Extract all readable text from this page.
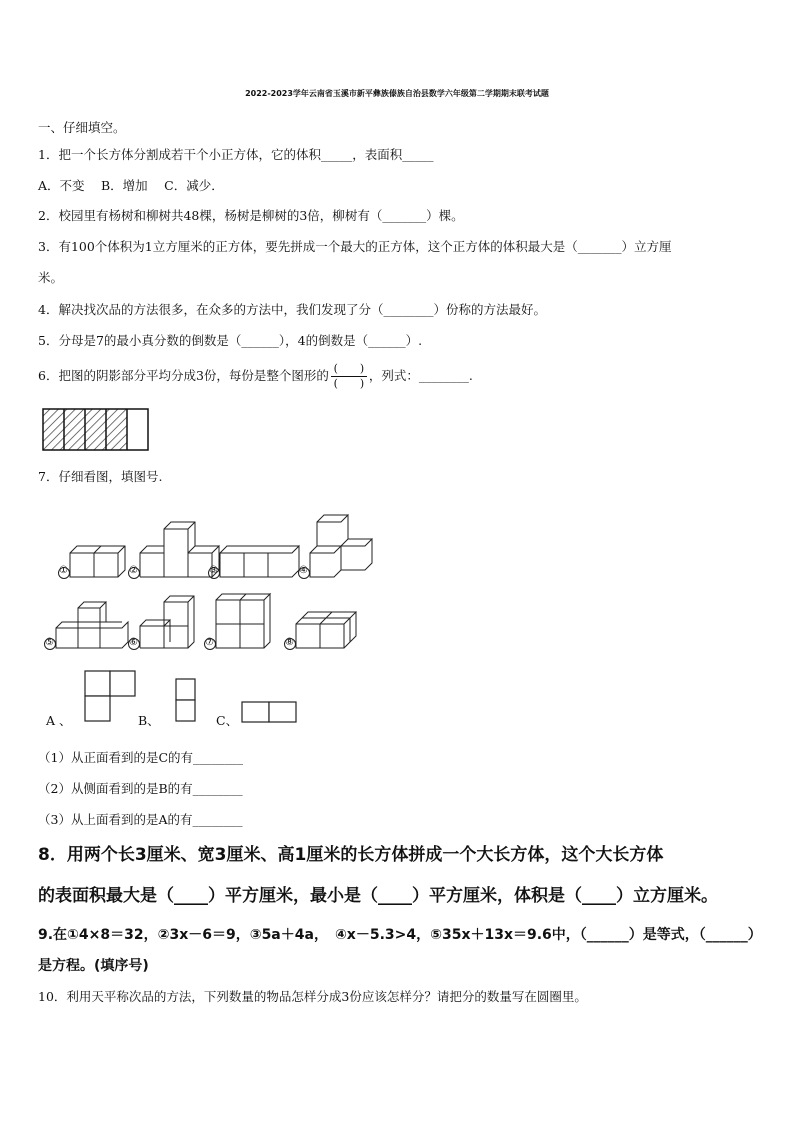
2022-2023学年云南省玉溪市新平彝族傣族自治县数学六年级第二学期期末联考试题
一、仔细填空。
1．把一个长方体分割成若干个小正方体，它的体积_____，表面积_____
A．不变　 B．增加　 C．减少．
2．校园里有杨树和柳树共48棵，杨树是柳树的3倍，柳树有（_______）棵。
3．有100个体积为1立方厘米的正方体，要先拼成一个最大的正方体，这个正方体的体积最大是（_______）立方厘
米。
4．解决找次品的方法很多，在众多的方法中，我们发现了分（________）份称的方法最好。
5．分母是7的最小真分数的倒数是（______），4的倒数是（______）.
6．把图的阴影部分平均分成3份，每份是整个图形的 $\frac{( )}{( )}$ ，列式：________.
7．仔细看图，填图号.
①	②	③	④
⑤	⑥	⑦	⑧
A 、	B、	C、
（1）从正面看到的是C的有________
（2）从侧面看到的是B的有________
（3）从上面看到的是A的有________
8．用两个长3厘米、宽3厘米、高1厘米的长方体拼成一个大长方体，这个大长方体
的表面积最大是（____）平方厘米，最小是（____）平方厘米，体积是（____）立方厘米。
9.在①4×8＝32，②3x－6＝9，③5a＋4a，　④x－5.3>4，⑤35x＋13x＝9.6中，（______）是等式，（______）
是方程。(填序号)
10．利用天平称次品的方法，下列数量的物品怎样分成3份应该怎样分？请把分的数量写在圆圈里。
